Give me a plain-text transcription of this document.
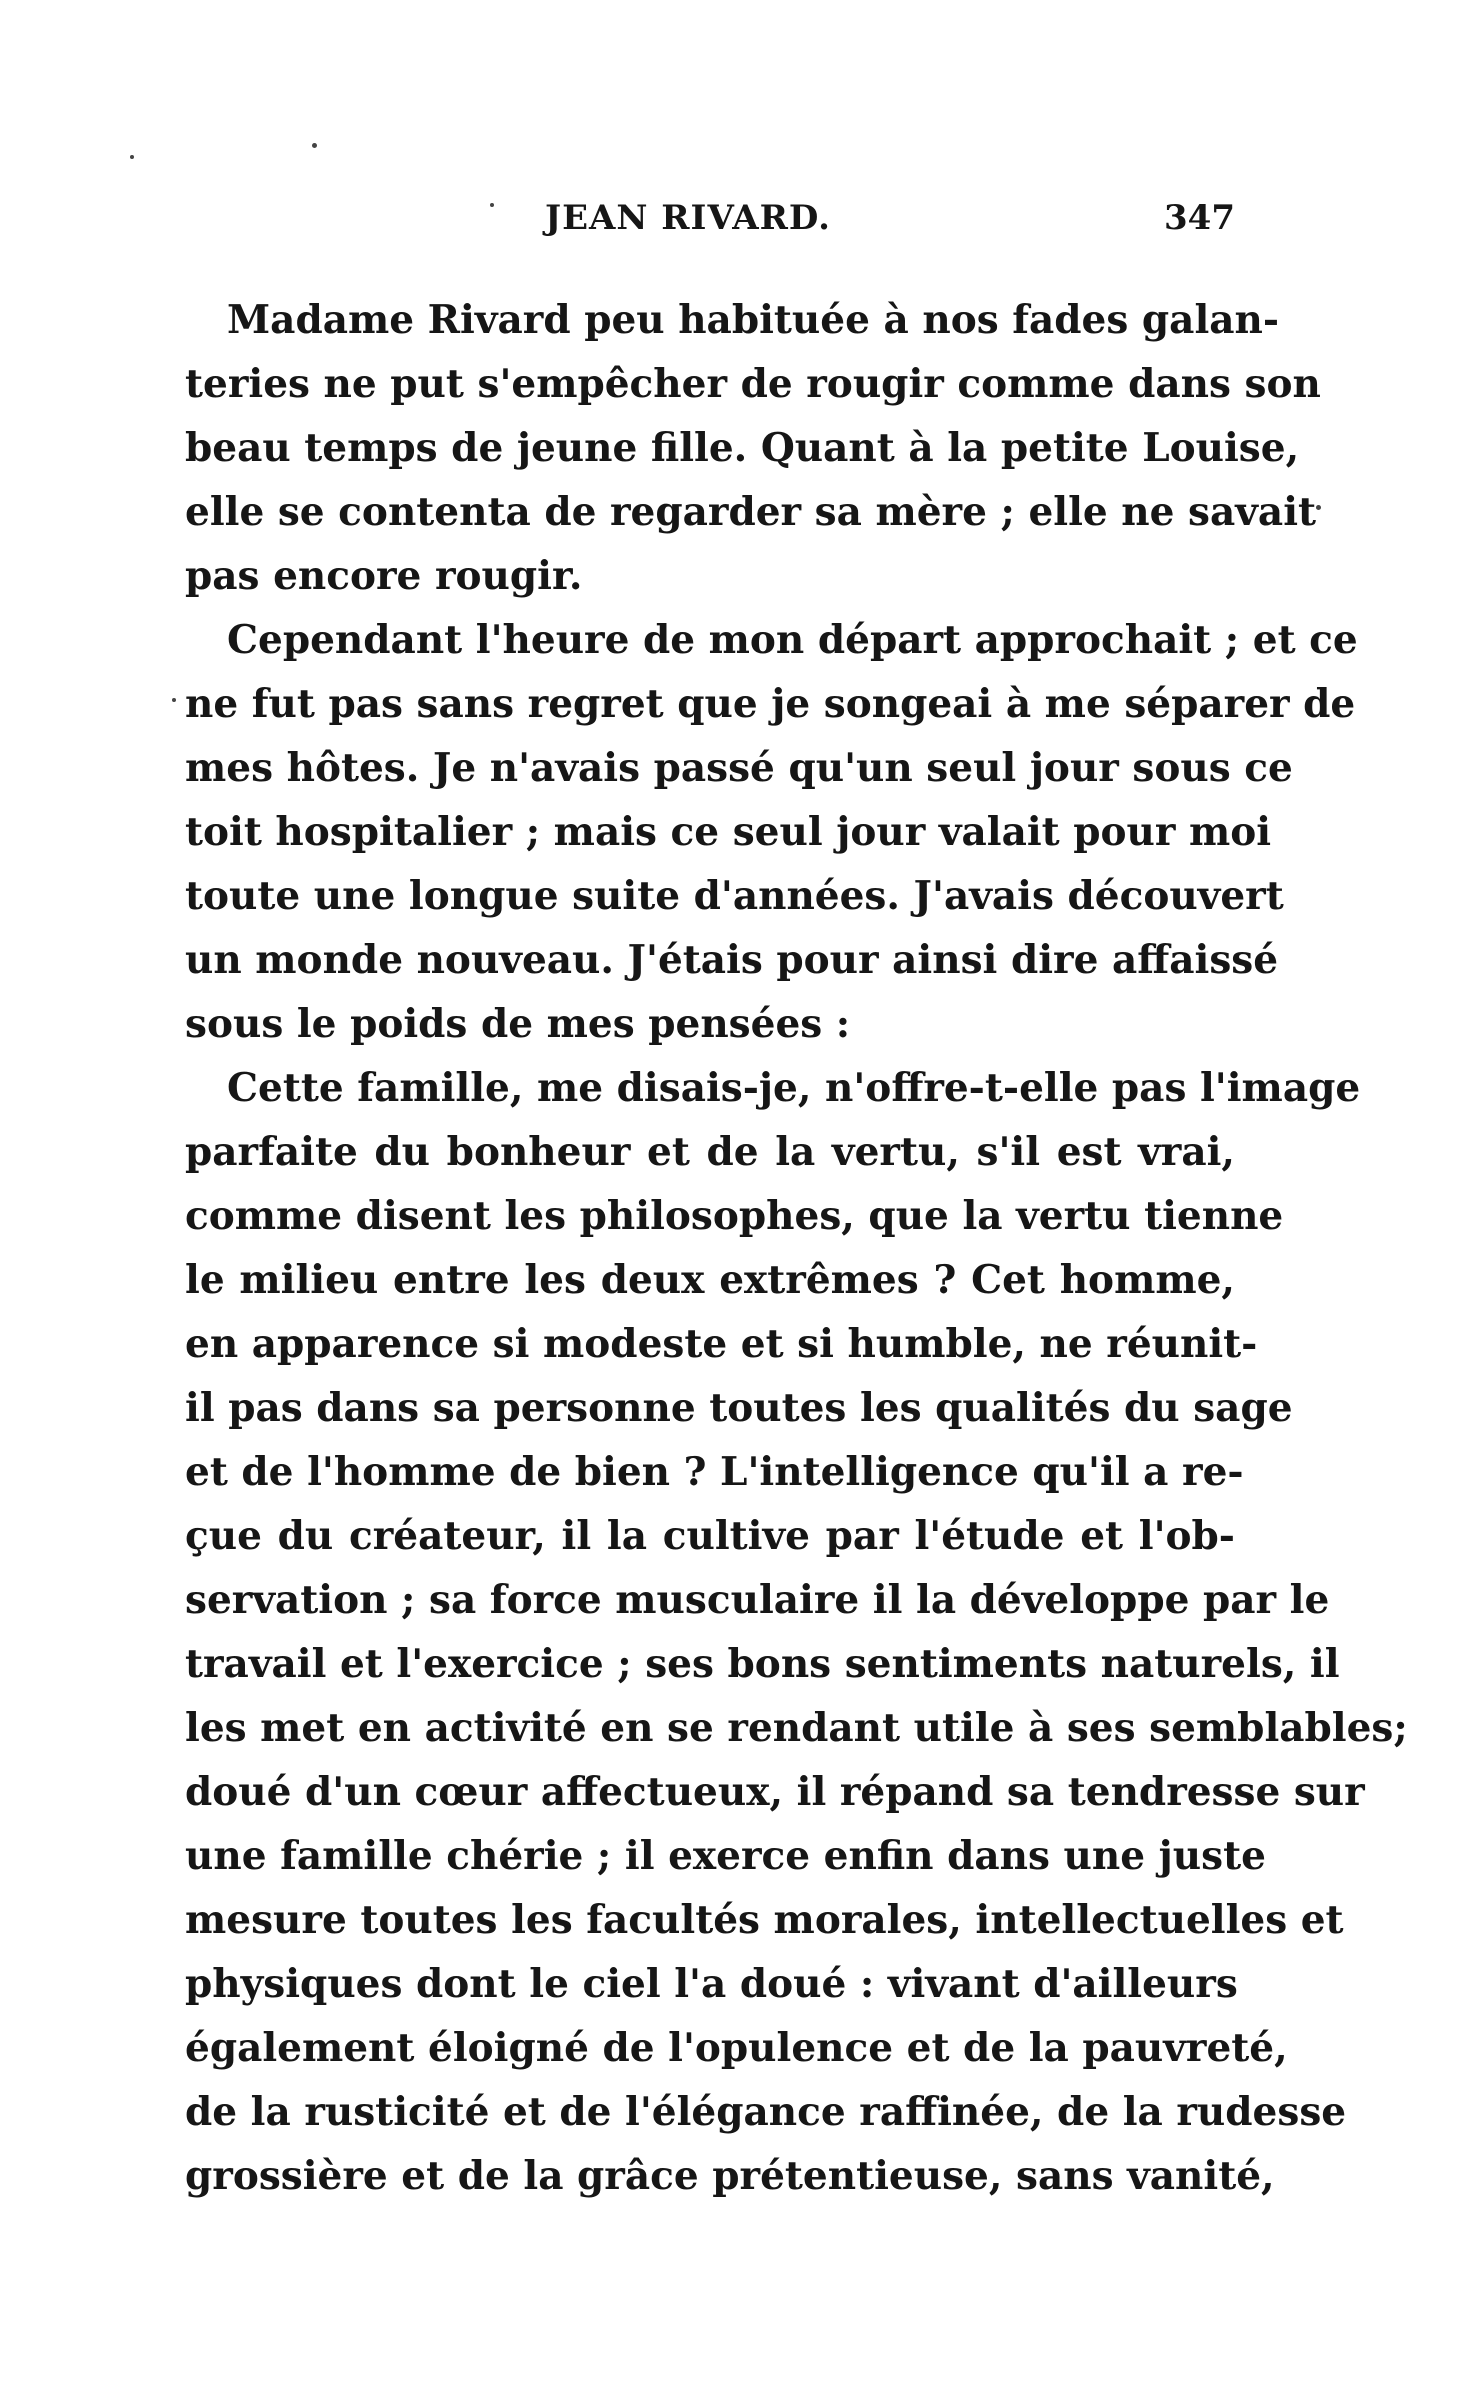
JEAN RIVARD.	347
Madame Rivard peu habituée à nos fades galan-
teries ne put s'empêcher de rougir comme dans son
beau temps de jeune fille. Quant à la petite Louise,
elle se contenta de regarder sa mère ; elle ne savait
pas encore rougir.
Cependant l'heure de mon départ approchait ; et ce
ne fut pas sans regret que je songeai à me séparer de
mes hôtes. Je n'avais passé qu'un seul jour sous ce
toit hospitalier ; mais ce seul jour valait pour moi
toute une longue suite d'années. J'avais découvert
un monde nouveau. J'étais pour ainsi dire affaissé
sous le poids de mes pensées :
Cette famille, me disais-je, n'offre-t-elle pas l'image
parfaite du bonheur et de la vertu, s'il est vrai,
comme disent les philosophes, que la vertu tienne
le milieu entre les deux extrêmes ? Cet homme,
en apparence si modeste et si humble, ne réunit-
il pas dans sa personne toutes les qualités du sage
et de l'homme de bien ? L'intelligence qu'il a re-
çue du créateur, il la cultive par l'étude et l'ob-
servation ; sa force musculaire il la développe par le
travail et l'exercice ; ses bons sentiments naturels, il
les met en activité en se rendant utile à ses semblables;
doué d'un cœur affectueux, il répand sa tendresse sur
une famille chérie ; il exerce enfin dans une juste
mesure toutes les facultés morales, intellectuelles et
physiques dont le ciel l'a doué : vivant d'ailleurs
également éloigné de l'opulence et de la pauvreté,
de la rusticité et de l'élégance raffinée, de la rudesse
grossière et de la grâce prétentieuse, sans vanité,
